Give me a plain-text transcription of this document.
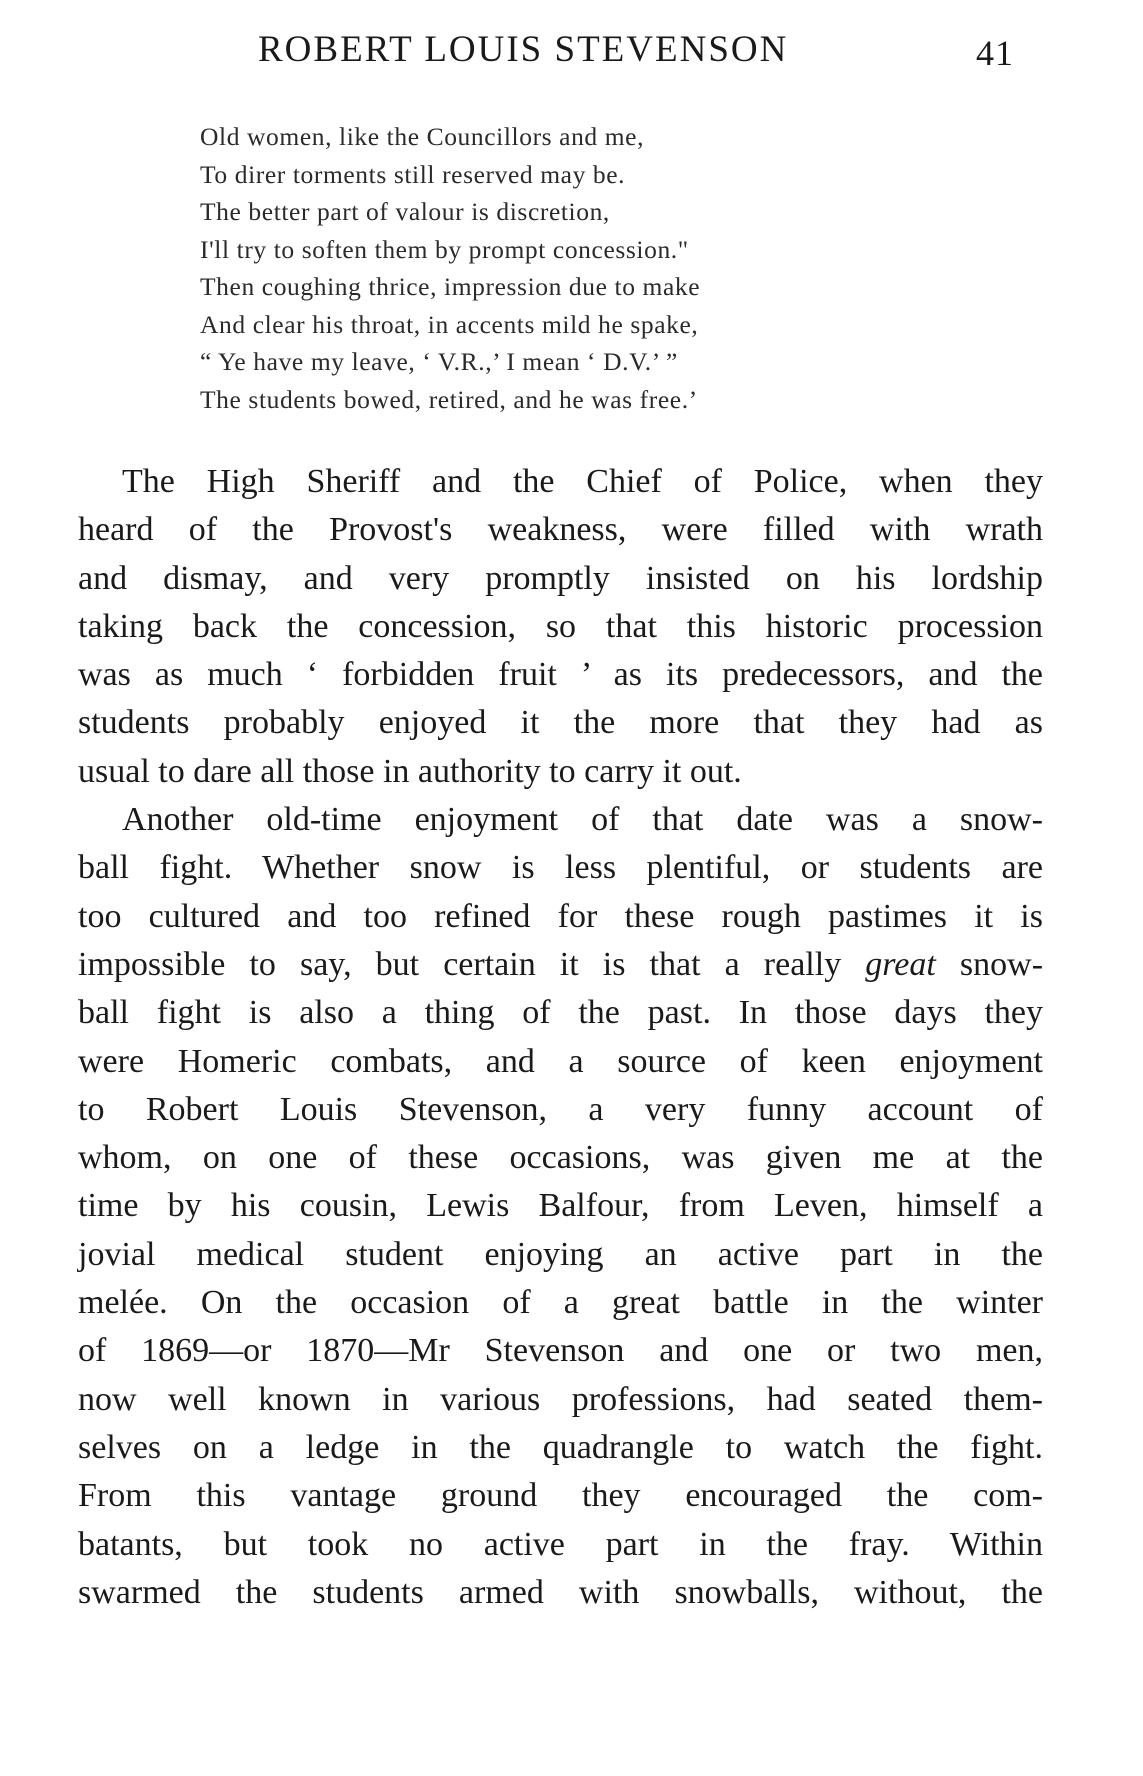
ROBERT LOUIS STEVENSON	41
Old women, like the Councillors and me,
To direr torments still reserved may be.
The better part of valour is discretion,
I'll try to soften them by prompt concession."
Then coughing thrice, impression due to make
And clear his throat, in accents mild he spake,
“ Ye have my leave, ‘ V.R.,’ I mean ‘ D.V.’ ”
The students bowed, retired, and he was free.’
The High Sheriff and the Chief of Police, when they
heard of the Provost's weakness, were filled with wrath
and dismay, and very promptly insisted on his lordship
taking back the concession, so that this historic procession
was as much ‘ forbidden fruit ’ as its predecessors, and the
students probably enjoyed it the more that they had as
usual to dare all those in authority to carry it out.
Another old-time enjoyment of that date was a snow-
ball fight. Whether snow is less plentiful, or students are
too cultured and too refined for these rough pastimes it is
impossible to say, but certain it is that a really great snow-
ball fight is also a thing of the past. In those days they
were Homeric combats, and a source of keen enjoyment
to Robert Louis Stevenson, a very funny account of
whom, on one of these occasions, was given me at the
time by his cousin, Lewis Balfour, from Leven, himself a
jovial medical student enjoying an active part in the
melée. On the occasion of a great battle in the winter
of 1869—or 1870—Mr Stevenson and one or two men,
now well known in various professions, had seated them-
selves on a ledge in the quadrangle to watch the fight.
From this vantage ground they encouraged the com-
batants, but took no active part in the fray. Within
swarmed the students armed with snowballs, without, the
